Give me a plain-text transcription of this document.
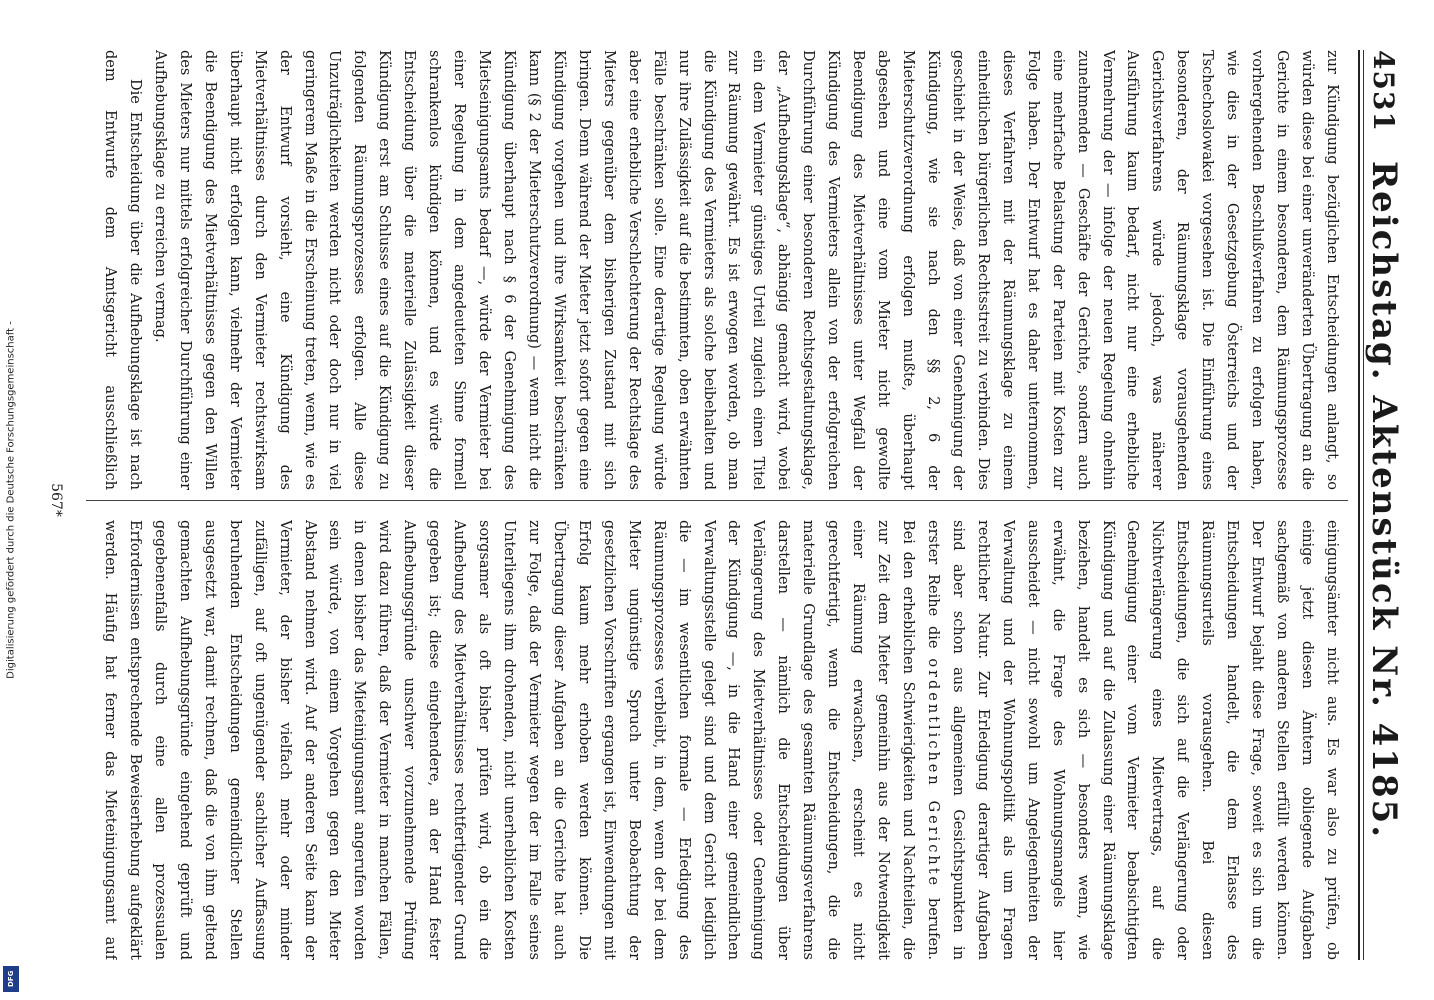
4531
Reichstag. Aktenstück Nr. 4185.

zur Kündigung bezüglichen Entscheidungen anlangt, so würden diese bei einer unveränderten Übertragung an die Gerichte in einem besonderen, dem Räumungsprozesse vorhergehenden Beschlußverfahren zu erfolgen haben, wie dies in der Gesetzgebung Österreichs und der Tschechoslowakei vorgesehen ist. Die Einführung eines besonderen, der Räumungsklage vorausgehenden Gerichtsverfahrens würde jedoch, was näherer Ausführung kaum bedarf, nicht nur eine erhebliche Vermehrung der — infolge der neuen Regelung ohnehin zunehmenden — Geschäfte der Gerichte, sondern auch eine mehrfache Belastung der Parteien mit Kosten zur Folge haben. Der Entwurf hat es daher unternommen, dieses Verfahren mit der Räumungsklage zu einem einheitlichen bürgerlichen Rechtsstreit zu verbinden. Dies geschieht in der Weise, daß von einer Genehmigung der Kündigung, wie sie nach den §§ 2, 6 der Mieterschutzverordnung erfolgen mußte, überhaupt abgesehen und eine vom Mieter nicht gewollte Beendigung des Mietverhältnisses unter Wegfall der Kündigung des Vermieters allein von der erfolgreichen Durchführung einer besonderen Rechtsgestaltungsklage, der „Aufhebungsklage“, abhängig gemacht wird, wobei ein dem Vermieter günstiges Urteil zugleich einen Titel zur Räumung gewährt. Es ist erwogen worden, ob man die Kündigung des Vermieters als solche beibehalten und nur ihre Zulässigkeit auf die bestimmten, oben erwähnten Fälle beschränken solle. Eine derartige Regelung würde aber eine erhebliche Verschlechterung der Rechtslage des Mieters gegenüber dem bisherigen Zustand mit sich bringen. Denn während der Mieter jetzt sofort gegen eine Kündigung vorgehen und ihre Wirksamkeit beschränken kann (§ 2 der Mieterschutzverordnung) — wenn nicht die Kündigung überhaupt nach § 6 der Genehmigung des Mietseinigungsamts bedarf —, würde der Vermieter bei einer Regelung in dem angedeuteten Sinne formell schrankenlos kündigen können, und es würde die Entscheidung über die materielle Zulässigkeit dieser Kündigung erst am Schlusse eines auf die Kündigung zu folgenden Räumungsprozesses erfolgen. Alle diese Unzuträglichkeiten werden nicht oder doch nur in viel geringerem Maße in die Erscheinung treten, wenn, wie es der Entwurf vorsieht, eine Kündigung des Mietverhältnisses durch den Vermieter rechtswirksam überhaupt nicht erfolgen kann, vielmehr der Vermieter die Beendigung des Mietverhältnisses gegen den Willen des Mieters nur mittels erfolgreicher Durchführung einer Aufhebungsklage zu erreichen vermag.

Die Entscheidung über die Aufhebungsklage ist nach dem Entwurfe dem Amtsgericht ausschließlich

einigungsämter nicht aus. Es war also zu prüfen, ob einige jetzt diesen Ämtern obliegende Aufgaben sachgemäß von anderen Stellen erfüllt werden können. Der Entwurf bejaht diese Frage, soweit es sich um die Entscheidungen handelt, die dem Erlasse des Räumungsurteils vorausgehen. Bei diesen Entscheidungen, die sich auf die Verlängerung oder Nichtverlängerung eines Mietvertrags, auf die Genehmigung einer vom Vermieter beabsichtigten Kündigung und auf die Zulassung einer Räumungsklage beziehen, handelt es sich — besonders wenn, wie erwähnt, die Frage des Wohnungsmangels hier ausscheidet — nicht sowohl um Angelegenheiten der Verwaltung und der Wohnungspolitik als um Fragen rechtlicher Natur. Zur Erledigung derartiger Aufgaben sind aber schon aus allgemeinen Gesichtspunkten in erster Reihe die ordentlichen Gerichte berufen. Bei den erheblichen Schwierigkeiten und Nachteilen, die zur Zeit dem Mieter gemeinhin aus der Notwendigkeit einer Räumung erwachsen, erscheint es nicht gerechtfertigt, wenn die Entscheidungen, die die materielle Grundlage des gesamten Räumungsverfahrens darstellen — nämlich die Entscheidungen über Verlängerung des Mietverhältnisses oder Genehmigung der Kündigung —, in die Hand einer gemeindlichen Verwaltungsstelle gelegt sind und dem Gericht lediglich die — im wesentlichen formale — Erledigung des Räumungsprozesses verbleibt, in dem, wenn der bei dem Mieter ungünstige Spruch unter Beobachtung der gesetzlichen Vorschriften ergangen ist, Einwendungen mit Erfolg kaum mehr erhoben werden können. Die Übertragung dieser Aufgaben an die Gerichte hat auch zur Folge, daß der Vermieter wegen der im Falle seines Unterliegens ihm drohenden, nicht unerheblichen Kosten sorgsamer als oft bisher prüfen wird, ob ein die Aufhebung des Mietverhältnisses rechtfertigender Grund gegeben ist; diese eingehendere, an der Hand fester Aufhebungsgründe unschwer vorzunehmende Prüfung wird dazu führen, daß der Vermieter in manchen Fällen, in denen bisher das Mieteinigungsamt angerufen worden sein würde, von einem Vorgehen gegen den Mieter Abstand nehmen wird. Auf der anderen Seite kann der Vermieter, der bisher vielfach mehr oder minder zufälligen, auf oft ungenügender sachlicher Auffassung beruhenden Entscheidungen gemeindlicher Stellen ausgesetzt war, damit rechnen, daß die von ihm geltend gemachten Aufhebungsgründe eingehend geprüft und gegebenenfalls durch eine allen prozessualen Erfordernissen entsprechende Beweiserhebung aufgeklärt werden. Häufig hat ferner das Mieteinigungsamt auf

567*
Digitalisierung gefördert durch die Deutsche Forschungsgemeinschaft -
DFG
